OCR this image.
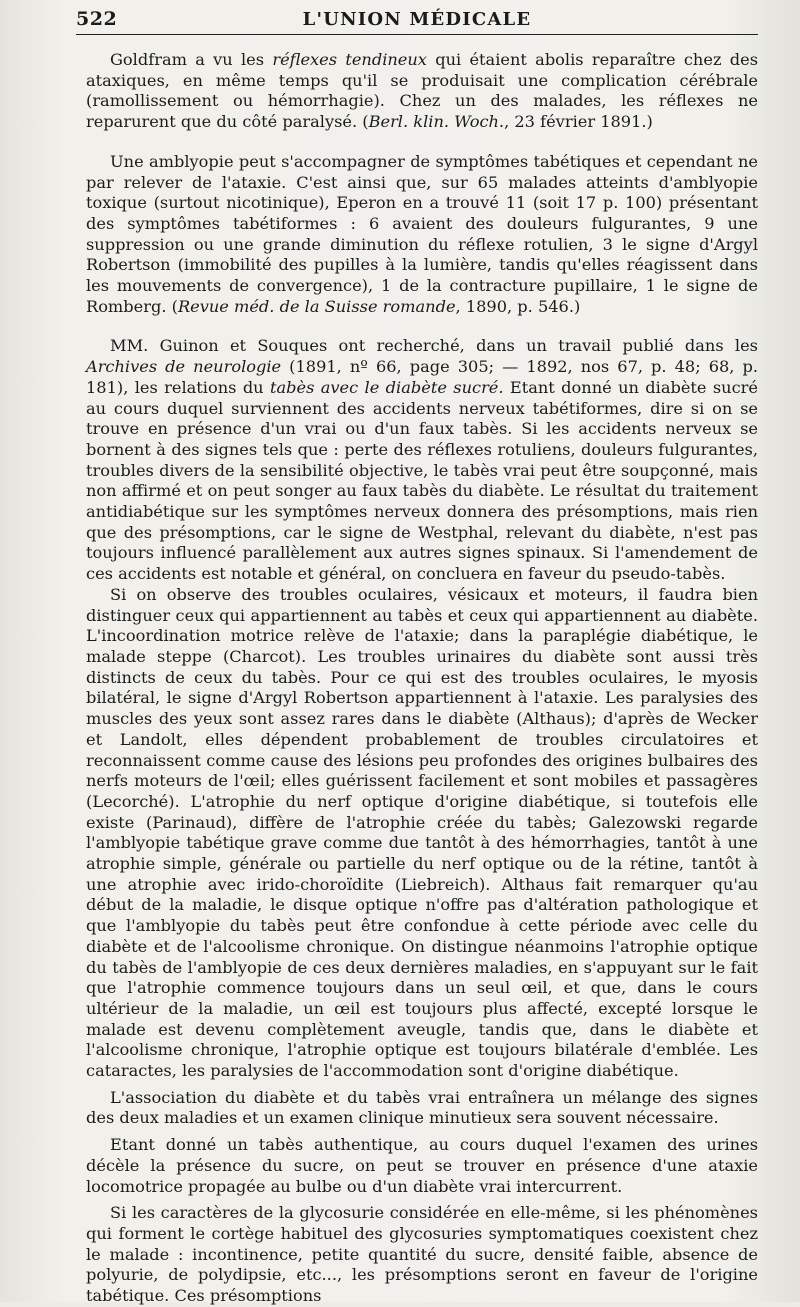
522	L'UNION MÉDICALE

Goldfram a vu les réflexes tendineux qui étaient abolis reparaître chez des ataxiques, en même temps qu'il se produisait une complication cérébrale (ramollissement ou hémorrhagie). Chez un des malades, les réflexes ne reparurent que du côté paralysé. (Berl. klin. Woch., 23 février 1891.)

Une amblyopie peut s'accompagner de symptômes tabétiques et cependant ne par relever de l'ataxie. C'est ainsi que, sur 65 malades atteints d'amblyopie toxique (surtout nicotinique), Eperon en a trouvé 11 (soit 17 p. 100) présentant des symptômes tabétiformes : 6 avaient des douleurs fulgurantes, 9 une suppression ou une grande diminution du réflexe rotulien, 3 le signe d'Argyl Robertson (immobilité des pupilles à la lumière, tandis qu'elles réagissent dans les mouvements de convergence), 1 de la contracture pupillaire, 1 le signe de Romberg. (Revue méd. de la Suisse romande, 1890, p. 546.)

MM. Guinon et Souques ont recherché, dans un travail publié dans les Archives de neurologie (1891, nº 66, page 305; — 1892, nos 67, p. 48; 68, p. 181), les relations du tabès avec le diabète sucré. Etant donné un diabète sucré au cours duquel surviennent des accidents nerveux tabétiformes, dire si on se trouve en présence d'un vrai ou d'un faux tabès. Si les accidents nerveux se bornent à des signes tels que : perte des réflexes rotuliens, douleurs fulgurantes, troubles divers de la sensibilité objective, le tabès vrai peut être soupçonné, mais non affirmé et on peut songer au faux tabès du diabète. Le résultat du traitement antidiabétique sur les symptômes nerveux donnera des présomptions, mais rien que des présomptions, car le signe de Westphal, relevant du diabète, n'est pas toujours influencé parallèlement aux autres signes spinaux. Si l'amendement de ces accidents est notable et général, on concluera en faveur du pseudo-tabès.

Si on observe des troubles oculaires, vésicaux et moteurs, il faudra bien distinguer ceux qui appartiennent au tabès et ceux qui appartiennent au diabète. L'incoordination motrice relève de l'ataxie; dans la paraplégie diabétique, le malade steppe (Charcot). Les troubles urinaires du diabète sont aussi très distincts de ceux du tabès. Pour ce qui est des troubles oculaires, le myosis bilatéral, le signe d'Argyl Robertson appartiennent à l'ataxie. Les paralysies des muscles des yeux sont assez rares dans le diabète (Althaus); d'après de Wecker et Landolt, elles dépendent probablement de troubles circulatoires et reconnaissent comme cause des lésions peu profondes des origines bulbaires des nerfs moteurs de l'œil; elles guérissent facilement et sont mobiles et passagères (Lecorché). L'atrophie du nerf optique d'origine diabétique, si toutefois elle existe (Parinaud), diffère de l'atrophie créée du tabès; Galezowski regarde l'amblyopie tabétique grave comme due tantôt à des hémorrhagies, tantôt à une atrophie simple, générale ou partielle du nerf optique ou de la rétine, tantôt à une atrophie avec irido-choroïdite (Liebreich). Althaus fait remarquer qu'au début de la maladie, le disque optique n'offre pas d'altération pathologique et que l'amblyopie du tabès peut être confondue à cette période avec celle du diabète et de l'alcoolisme chronique. On distingue néanmoins l'atrophie optique du tabès de l'amblyopie de ces deux dernières maladies, en s'appuyant sur le fait que l'atrophie commence toujours dans un seul œil, et que, dans le cours ultérieur de la maladie, un œil est toujours plus affecté, excepté lorsque le malade est devenu complètement aveugle, tandis que, dans le diabète et l'alcoolisme chronique, l'atrophie optique est toujours bilatérale d'emblée. Les cataractes, les paralysies de l'accommodation sont d'origine diabétique.

L'association du diabète et du tabès vrai entraînera un mélange des signes des deux maladies et un examen clinique minutieux sera souvent nécessaire.

Etant donné un tabès authentique, au cours duquel l'examen des urines décèle la présence du sucre, on peut se trouver en présence d'une ataxie locomotrice propagée au bulbe ou d'un diabète vrai intercurrent.

Si les caractères de la glycosurie considérée en elle-même, si les phénomènes qui forment le cortège habituel des glycosuries symptomatiques coexistent chez le malade : incontinence, petite quantité du sucre, densité faible, absence de polyurie, de polydipsie, etc..., les présomptions seront en faveur de l'origine tabétique. Ces présomptions
